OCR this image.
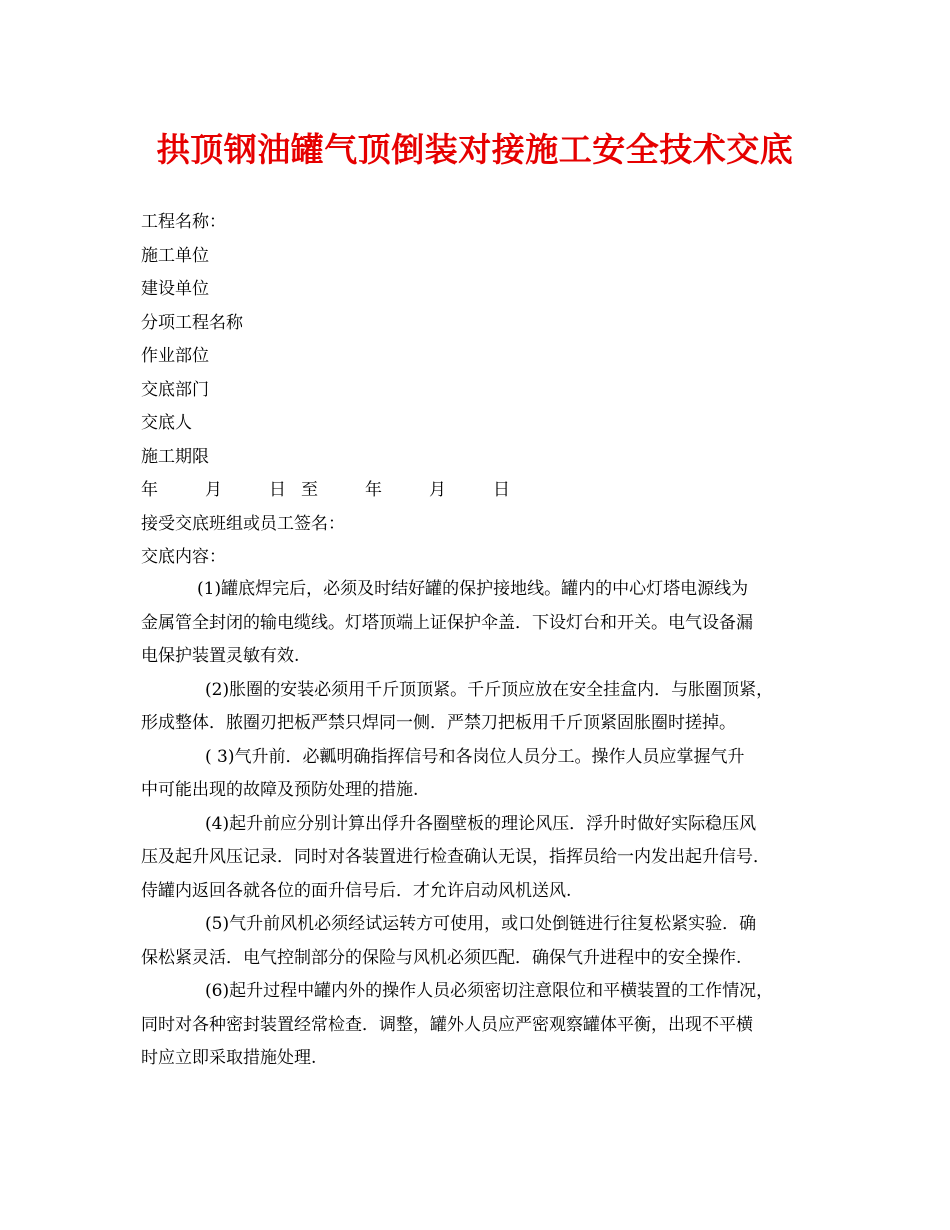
拱顶钢油罐气顶倒装对接施工安全技术交底
工程名称：
施工单位
建设单位
分项工程名称
作业部位
交底部门
交底人
施工期限
年	月	日 至	年	月	日
接受交底班组或员工签名：
交底内容：
(1)罐底焊完后，必须及时结好罐的保护接地线。罐内的中心灯塔电源线为
金属管全封闭的输电缆线。灯塔顶端上证保护伞盖．下设灯台和开关。电气设备漏
电保护装置灵敏有效.
(2)胀圈的安装必须用千斤顶顶紧。千斤顶应放在安全挂盒内．与胀圈顶紧，
形成整体．脓圈刃把板严禁只焊同一侧．严禁刀把板用千斤顶紧固胀圈时搓掉。
( 3)气升前．必瓤明确指挥信号和各岗位人员分工。操作人员应掌握气升
中可能出现的故障及预防处理的措施.
(4)起升前应分别计算出俘升各圈壁板的理论风压．浮升时做好实际稳压风
压及起升风压记录．同时对各装置进行检查确认无误，指挥员给一内发出起升信号．
侍罐内返回各就各位的面升信号后．才允许启动风机送风.
(5)气升前风机必须经试运转方可使用，或口处倒链进行往复松紧实验．确
保松紧灵活．电气控制部分的保险与风机必须匹配．确保气升进程中的安全操作.
(6)起升过程中罐内外的操作人员必须密切注意限位和平横装置的工作情况，
同时对各种密封装置经常检查．调整，罐外人员应严密观察罐体平衡，出现不平横
时应立即采取措施处理.
